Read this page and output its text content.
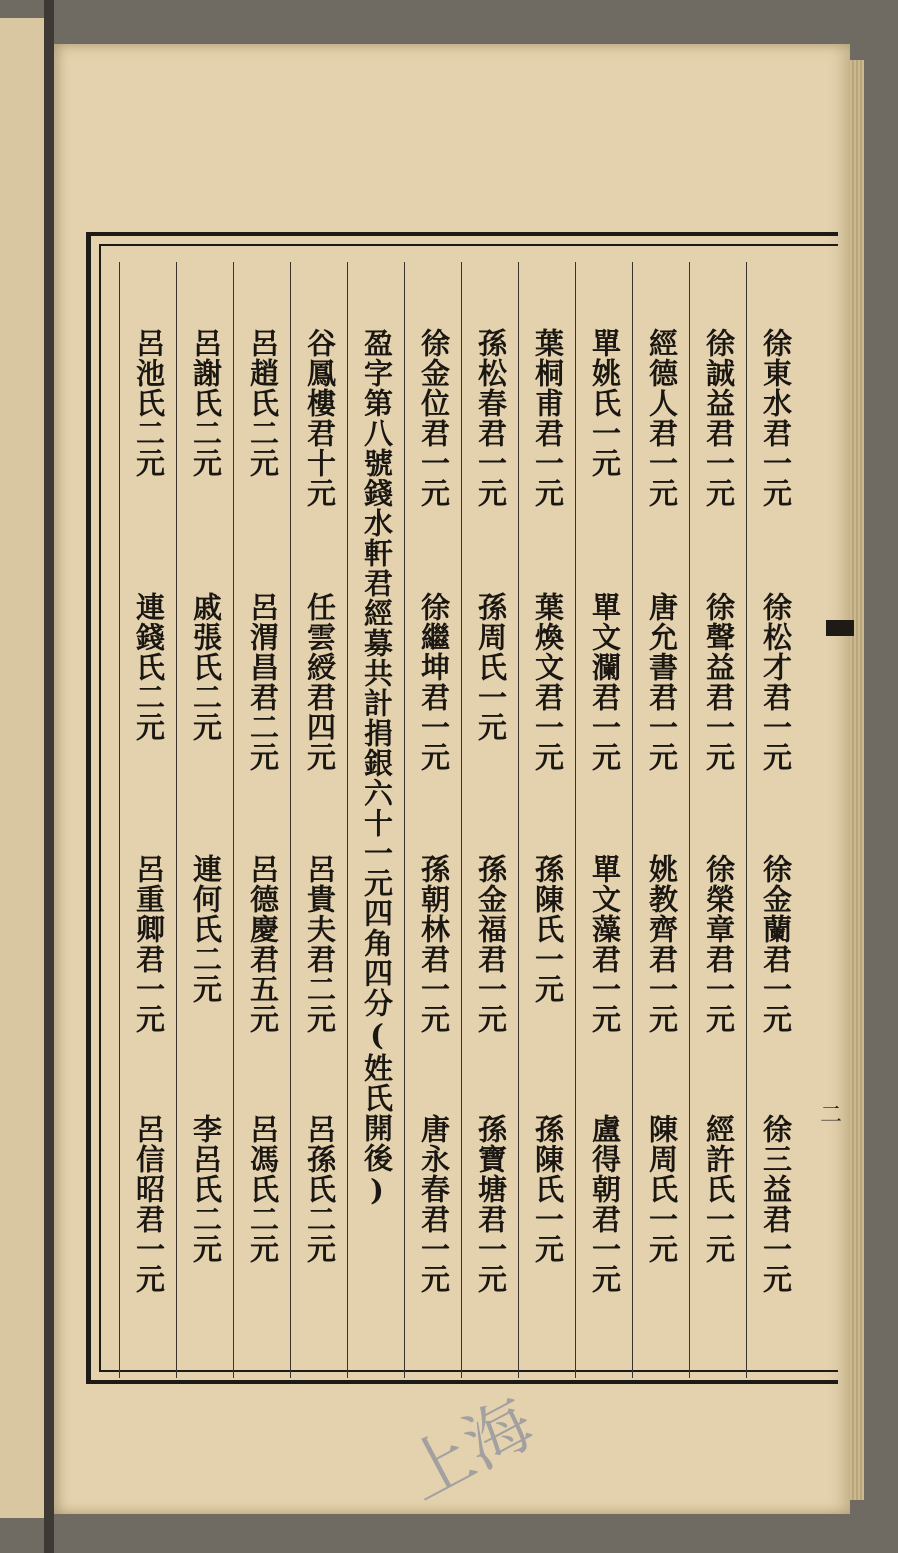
二
徐東水君一元
徐松才君一元
徐金蘭君一元
徐三益君一元
徐誠益君一元
徐聲益君一元
徐榮章君一元
經許氏一元
經德人君一元
唐允書君一元
姚教齊君一元
陳周氏一元
單姚氏一元
單文瀾君一元
單文藻君一元
盧得朝君一元
葉桐甫君一元
葉煥文君一元
孫陳氏一元
孫陳氏一元
孫松春君一元
孫周氏一元
孫金福君一元
孫寶塘君一元
徐金位君一元
徐繼坤君一元
孫朝林君一元
唐永春君一元
盈字第八號錢水軒君經募共計捐銀六十一元四角四分(姓氏開後)
谷鳳樓君十元
任雲綬君四元
呂貴夫君二元
呂孫氏二元
呂趙氏二元
呂渭昌君二元
呂德慶君五元
呂馮氏二元
呂謝氏二元
戚張氏二元
連何氏二元
李呂氏二元
呂池氏二元
連錢氏二元
呂重卿君一元
呂信昭君一元
上海
